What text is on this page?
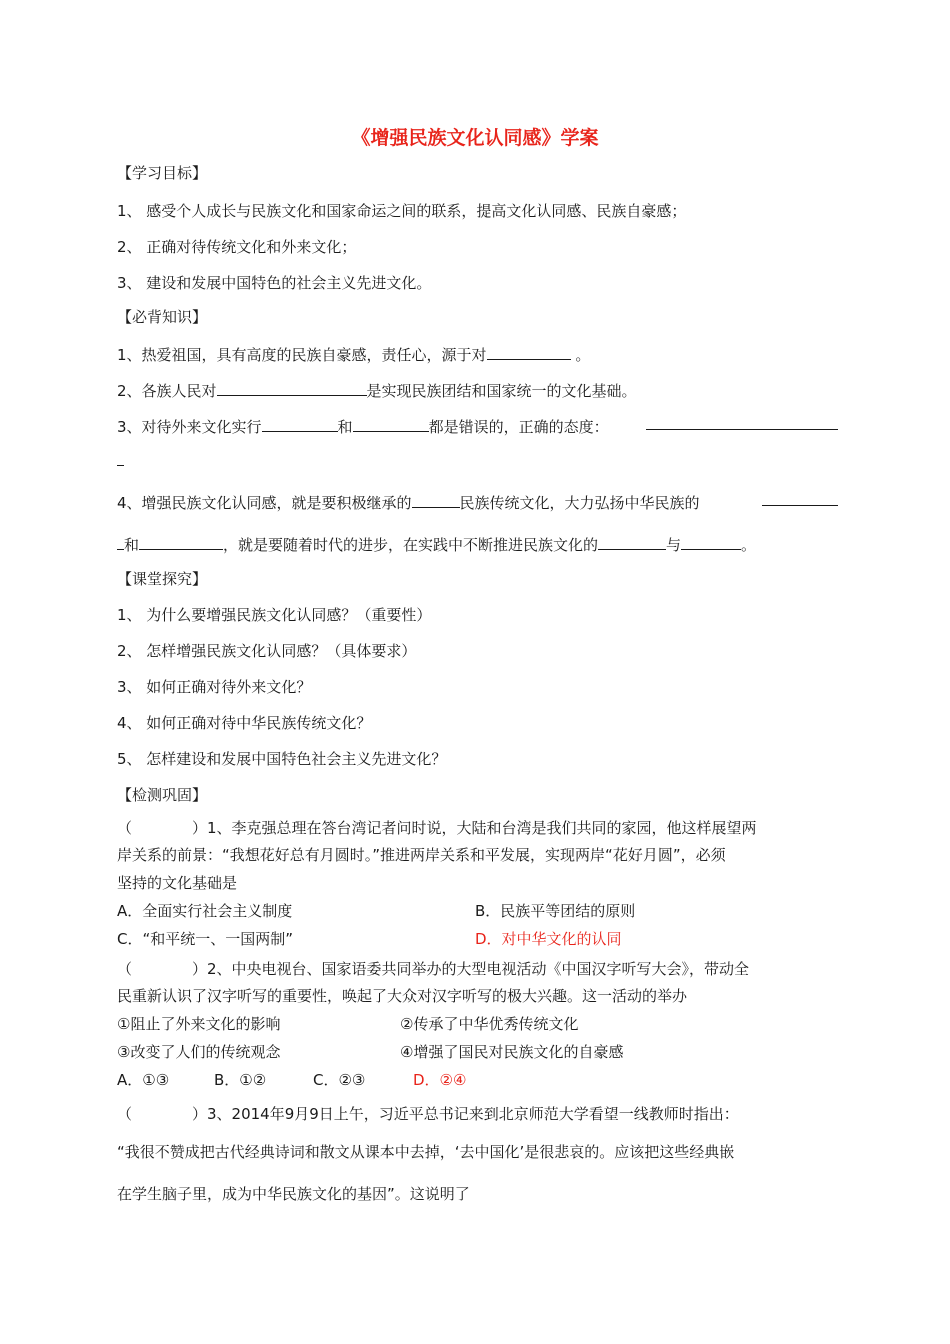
《增强民族文化认同感》学案
【学习目标】
1、 感受个人成长与民族文化和国家命运之间的联系，提高文化认同感、民族自豪感；
2、 正确对待传统文化和外来文化；
3、 建设和发展中国特色的社会主义先进文化。
【必背知识】
1、热爱祖国，具有高度的民族自豪感，责任心，源于对	。
2、各族人民对	是实现民族团结和国家统一的文化基础。
3、对待外来文化实行	和	都是错误的，正确的态度：
4、增强民族文化认同感，就是要积极继承的	民族传统文化，大力弘扬中华民族的
和	，就是要随着时代的进步，在实践中不断推进民族文化的	与	。
【课堂探究】
1、 为什么要增强民族文化认同感？（重要性）
2、 怎样增强民族文化认同感？（具体要求）
3、 如何正确对待外来文化？
4、 如何正确对待中华民族传统文化？
5、 怎样建设和发展中国特色社会主义先进文化？
【检测巩固】
（　　　　）1、李克强总理在答台湾记者问时说，大陆和台湾是我们共同的家园，他这样展望两
岸关系的前景：“我想花好总有月圆时。”推进两岸关系和平发展，实现两岸“花好月圆”，必须
坚持的文化基础是
A．全面实行社会主义制度	B．民族平等团结的原则
C．“和平统一、一国两制”	D．对中华文化的认同
（　　　　）2、中央电视台、国家语委共同举办的大型电视活动《中国汉字听写大会》，带动全
民重新认识了汉字听写的重要性，唤起了大众对汉字听写的极大兴趣。这一活动的举办
①阻止了外来文化的影响	②传承了中华优秀传统文化
③改变了人们的传统观念	④增强了国民对民族文化的自豪感
A．①③	B．①②	C．②③	D．②④
（　　　　）3、2014年9月9日上午，习近平总书记来到北京师范大学看望一线教师时指出：
“我很不赞成把古代经典诗词和散文从课本中去掉，‘去中国化’是很悲哀的。应该把这些经典嵌
在学生脑子里，成为中华民族文化的基因”。这说明了
